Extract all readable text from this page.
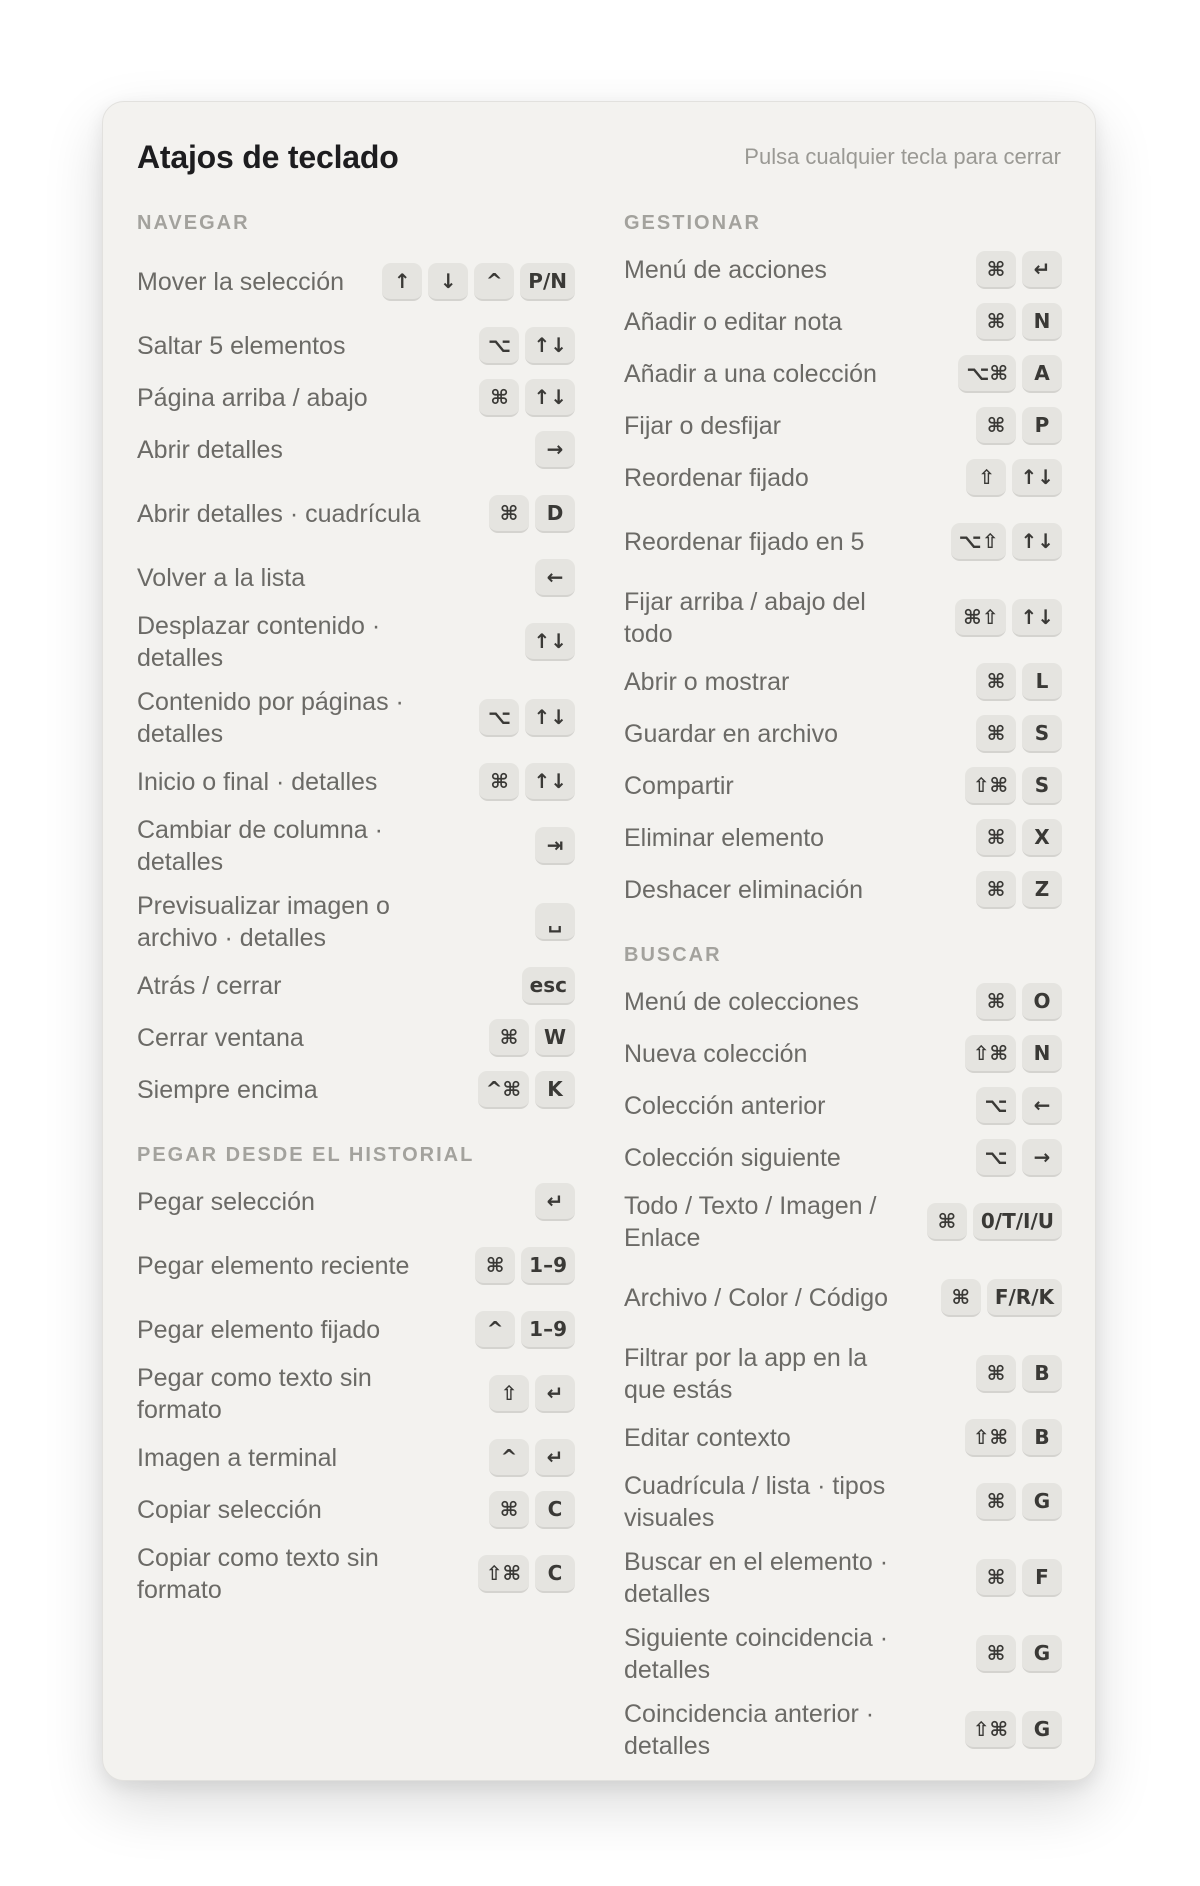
Atajos de teclado	Pulsa cualquier tecla para cerrar
NAVEGAR
Mover la selección	↑	↓	^	P/N
Saltar 5 elementos	⌥	↑↓
Página arriba / abajo	⌘	↑↓
Abrir detalles	→
Abrir detalles · cuadrícula	⌘	D
Volver a la lista	←
Desplazar contenido · detalles
↑↓
Contenido por páginas · detalles
⌥	↑↓
Inicio o final · detalles	⌘	↑↓
Cambiar de columna · detalles
⇥
Previsualizar imagen o archivo · detalles
␣
Atrás / cerrar	esc
Cerrar ventana	⌘	W
Siempre encima	^⌘	K
PEGAR DESDE EL HISTORIAL
Pegar selección	↵
Pegar elemento reciente	⌘	1–9
Pegar elemento fijado	^	1–9
Pegar como texto sin formato
⇧	↵
Imagen a terminal	^	↵
Copiar selección	⌘	C
Copiar como texto sin formato
⇧⌘	C
GESTIONAR
Menú de acciones	⌘	↵
Añadir o editar nota	⌘	N
Añadir a una colección	⌥⌘	A
Fijar o desfijar	⌘	P
Reordenar fijado	⇧	↑↓
Reordenar fijado en 5	⌥⇧	↑↓
Fijar arriba / abajo del todo
⌘⇧	↑↓
Abrir o mostrar	⌘	L
Guardar en archivo	⌘	S
Compartir	⇧⌘	S
Eliminar elemento	⌘	X
Deshacer eliminación	⌘	Z
BUSCAR
Menú de colecciones	⌘	O
Nueva colección	⇧⌘	N
Colección anterior	⌥	←
Colección siguiente	⌥	→
Todo / Texto / Imagen / Enlace
⌘	0/T/I/U
Archivo / Color / Código	⌘	F/R/K
Filtrar por la app en la que estás
⌘	B
Editar contexto	⇧⌘	B
Cuadrícula / lista · tipos visuales
⌘	G
Buscar en el elemento · detalles
⌘	F
Siguiente coincidencia · detalles
⌘	G
Coincidencia anterior · detalles
⇧⌘	G
